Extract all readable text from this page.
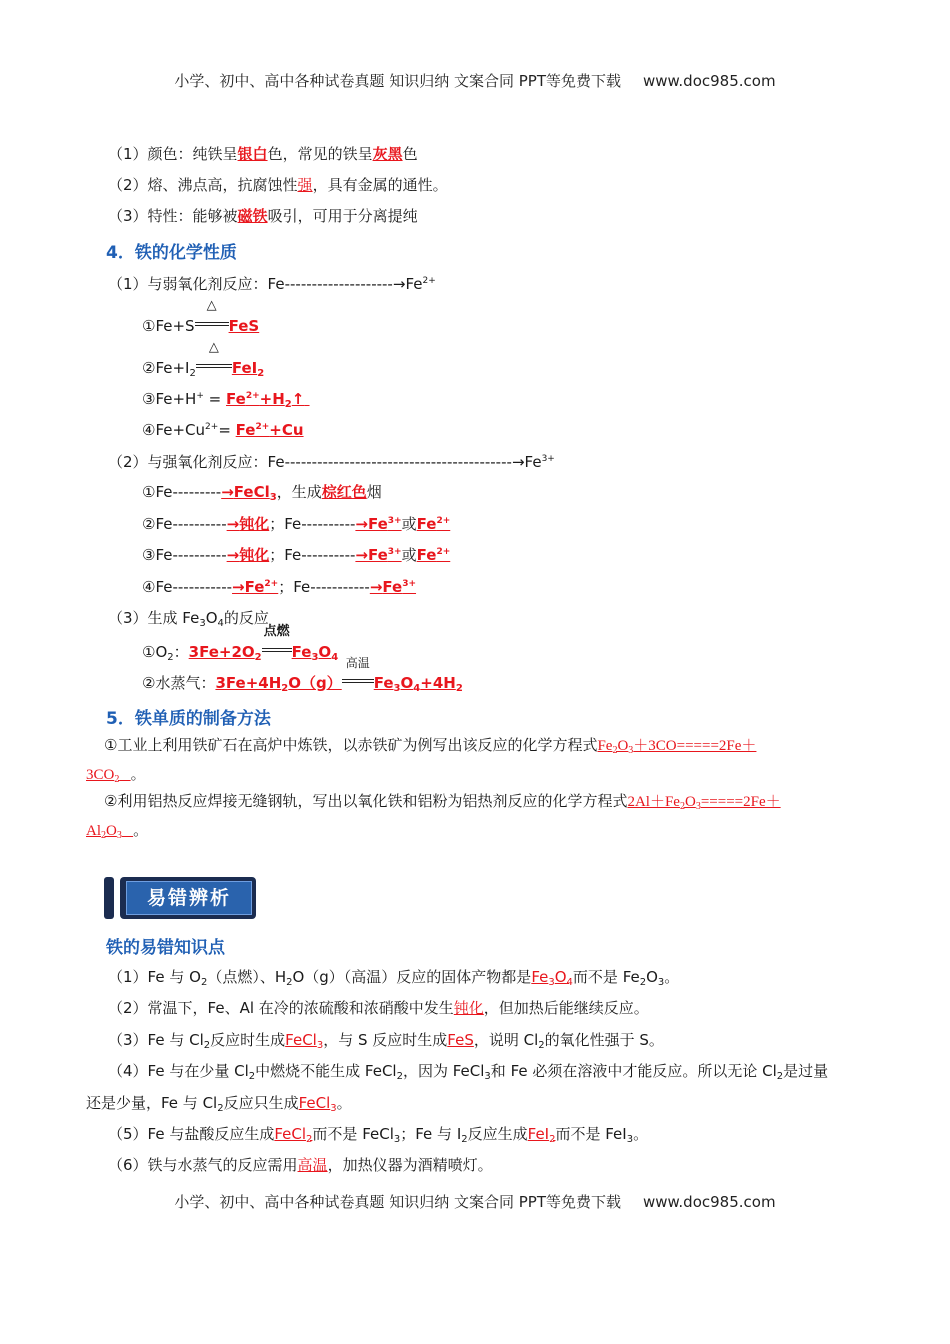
小学、初中、高中各种试卷真题 知识归纳 文案合同 PPT等免费下载 www.doc985.com
（1）颜色：纯铁呈银白色，常见的铁呈灰黑色
（2）熔、沸点高，抗腐蚀性强，具有金属的通性。
（3）特性：能够被磁铁吸引，可用于分离提纯
4．铁的化学性质
（1）与弱氧化剂反应：$Fe--------------------\to Fe^{2+}$
①Fe+S
△
FeS
$②Fe+I_2$
△
FeI$_2$
③Fe+H+ = $Fe^{2+}+H_2↑$
$④Fe+Cu^{2+}= Fe^{2+}+Cu$
（2）与强氧化剂反应：$Fe------------------------------------------\to Fe^{3+}$
①Fe---------→FeCl$_3$，生成棕红色烟
②Fe----------→钝化；$Fe----------\to Fe^{3+}$或$Fe^{2+}$
③Fe----------→钝化；$Fe----------\to Fe^{3+}$或$Fe^{2+}$
④Fe-$----------\to Fe^{2+}$；$Fe-----------\to Fe^{3+}$
（3）生成 $Fe_3O_4$的反应
$①O_2$：$3Fe+2O_2$
点燃
$Fe_3O_4$
②水蒸气：$3Fe+4H_2O(g)$
高温
$Fe_3O_4+4H_2$
5．铁单质的制备方法
①工业上利用铁矿石在高炉中炼铁，以赤铁矿为例写出该反应的化学方程式$Fe_2O_3+3CO=====2Fe+$
$3CO_2$ 。
②利用铝热反应焊接无缝钢轨，写出以氧化铁和铝粉为铝热剂反应的化学方程式$2Al+Fe_2O_3=====2Fe+$
$Al_2O_3$ 。
易错辨析
铁的易错知识点
（1）Fe 与 $O_2$（点燃）、$H_2O(g)$（高温）反应的固体产物都是$Fe_3O_4$而不是 $Fe_2O_3$。
（2）常温下，Fe、Al 在冷的浓硫酸和浓硝酸中发生钝化，但加热后能继续反应。
（3）Fe 与 $Cl_2$反应时生成FeCl$_3$，与 S 反应时生成FeS，说明 $Cl_2$的氧化性强于 S。
（4）Fe 与在少量 $Cl_2$中燃烧不能生成 FeCl$_2$，因为 FeCl$_3$和 Fe 必须在溶液中才能反应。所以无论 $Cl_2$是过量
还是少量，Fe 与 $Cl_2$反应只生成FeCl$_3$。
（5）Fe 与盐酸反应生成FeCl$_2$而不是 FeCl$_3$；Fe 与 $I_2$反应生成FeI$_2$而不是 FeI$_3$。
（6）铁与水蒸气的反应需用高温，加热仪器为酒精喷灯。
小学、初中、高中各种试卷真题 知识归纳 文案合同 PPT等免费下载 www.doc985.com
